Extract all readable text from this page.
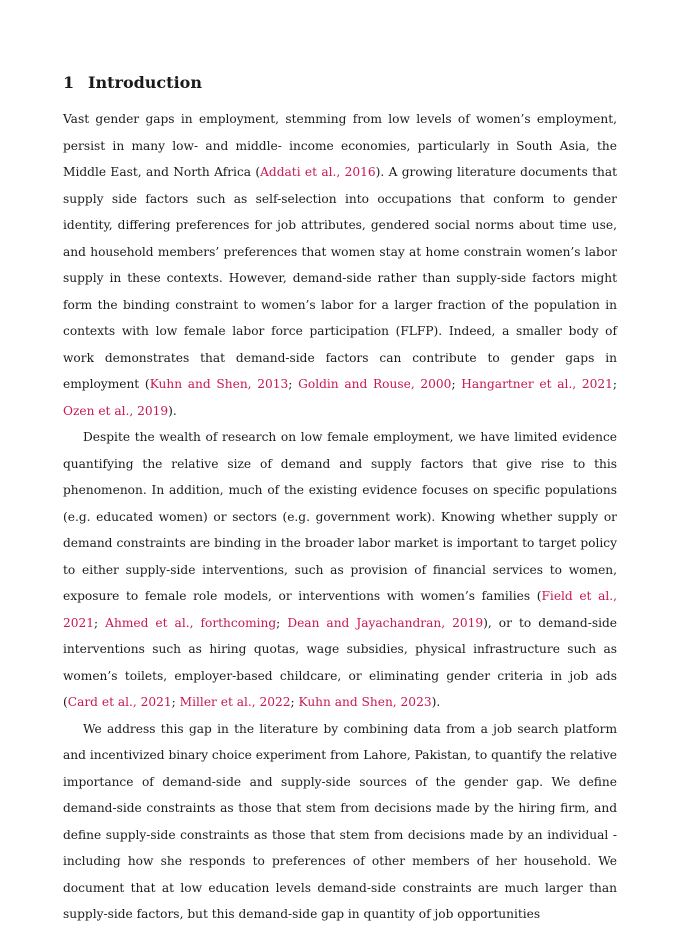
1 Introduction

Vast gender gaps in employment, stemming from low levels of women’s employment, persist in many low- and middle- income economies, particularly in South Asia, the Middle East, and North Africa (Addati et al., 2016). A growing literature documents that supply side factors such as self-selection into occupations that conform to gender identity, differing preferences for job attributes, gendered social norms about time use, and household members’ preferences that women stay at home constrain women’s labor supply in these contexts. However, demand-side rather than supply-side factors might form the binding constraint to women’s labor for a larger fraction of the population in contexts with low female labor force participation (FLFP). Indeed, a smaller body of work demonstrates that demand-side factors can contribute to gender gaps in employment (Kuhn and Shen, 2013; Goldin and Rouse, 2000; Hangartner et al., 2021; Ozen et al., 2019).

Despite the wealth of research on low female employment, we have limited evidence quantifying the relative size of demand and supply factors that give rise to this phenomenon. In addition, much of the existing evidence focuses on specific populations (e.g. educated women) or sectors (e.g. government work). Knowing whether supply or demand constraints are binding in the broader labor market is important to target policy to either supply-side interventions, such as provision of financial services to women, exposure to female role models, or interventions with women’s families (Field et al., 2021; Ahmed et al., forthcoming; Dean and Jayachandran, 2019), or to demand-side interventions such as hiring quotas, wage subsidies, physical infrastructure such as women’s toilets, employer-based childcare, or eliminating gender criteria in job ads (Card et al., 2021; Miller et al., 2022; Kuhn and Shen, 2023).

We address this gap in the literature by combining data from a job search platform and incentivized binary choice experiment from Lahore, Pakistan, to quantify the relative importance of demand-side and supply-side sources of the gender gap. We define demand-side constraints as those that stem from decisions made by the hiring firm, and define supply-side constraints as those that stem from decisions made by an individual - including how she responds to preferences of other members of her household. We document that at low education levels demand-side constraints are much larger than supply-side factors, but this demand-side gap in quantity of job opportunities
